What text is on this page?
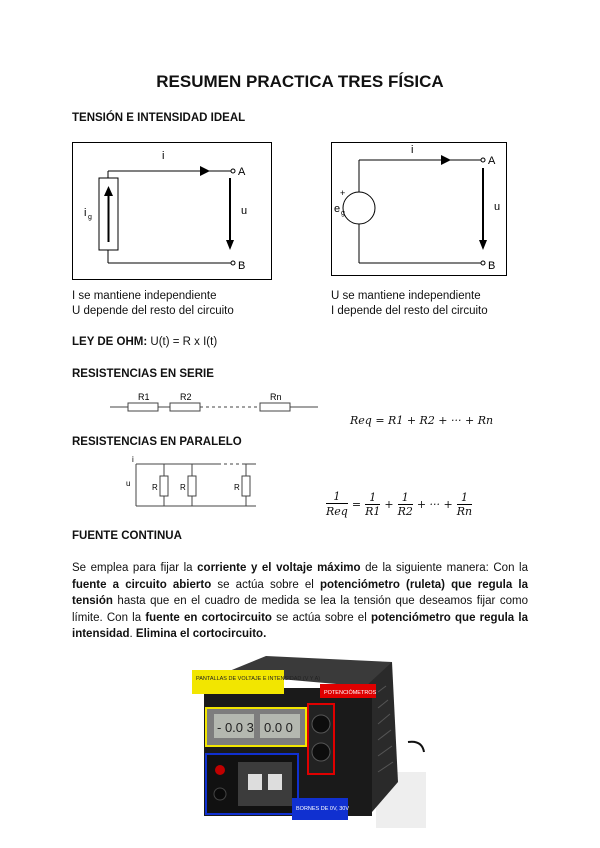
RESUMEN PRACTICA TRES FÍSICA
TENSIÓN E INTENSIDAD IDEAL
i
A
B
u
i g
i
A
B
u
+
e g
I se mantiene independiente
U depende del resto del circuito
U se mantiene independiente
I depende del resto del circuito
LEY DE OHM: U(t) = R x I(t)
RESISTENCIAS EN SERIE
R1	R2	Rn
Req = R1 + R2 + ··· + Rn
RESISTENCIAS EN PARALELO
i
u	R	R	R
1
Req
= $\frac{1}{R1} + \frac{1}{R2}$ + ··· + $\frac{1}{Rn}$
FUENTE CONTINUA
Se emplea para fijar la corriente y el voltaje máximo de la siguiente manera: Con la fuente a circuito abierto se actúa sobre el potenciómetro (ruleta) que regula la tensión hasta que en el cuadro de medida se lea la tensión que deseamos fijar como límite. Con la fuente en cortocircuito se actúa sobre el potenciómetro que regula la intensidad. Elimina el cortocircuito.
- 0.0 3 0.0 0
PANTALLAS DE VOLTAJE E INTENSIDAD (V Y A)
POTENCIÓMETROS
BORNES DE 0V, 30V
